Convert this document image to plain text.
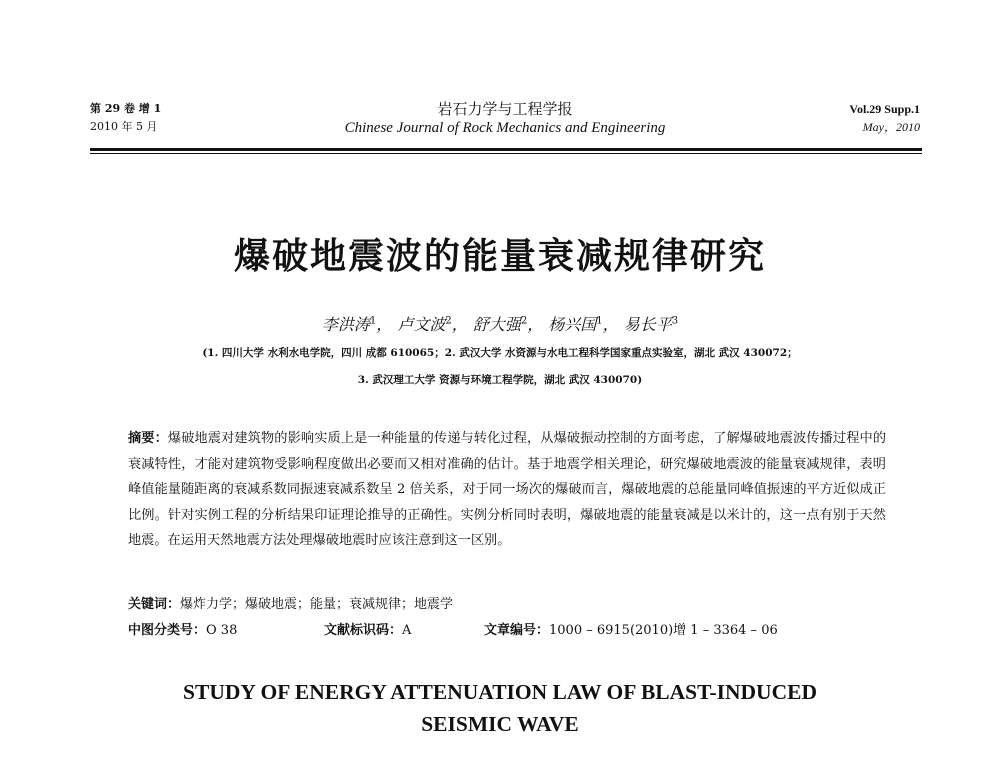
第 29 卷 增 1
2010 年 5 月
岩石力学与工程学报
Chinese Journal of Rock Mechanics and Engineering
Vol.29 Supp.1
May，2010
爆破地震波的能量衰减规律研究
李洪涛$^1$， 卢文波$^2$， 舒大强$^2$， 杨兴国$^1$， 易长平$^3$
(1. 四川大学 水利水电学院，四川 成都 610065；2. 武汉大学 水资源与水电工程科学国家重点实验室，湖北 武汉 430072；
3. 武汉理工大学 资源与环境工程学院，湖北 武汉 430070)
摘要：爆破地震对建筑物的影响实质上是一种能量的传递与转化过程，从爆破振动控制的方面考虑，了解爆破地震波传播过程中的衰减特性，才能对建筑物受影响程度做出必要而又相对准确的估计。基于地震学相关理论，研究爆破地震波的能量衰减规律，表明峰值能量随距离的衰减系数同振速衰减系数呈 2 倍关系，对于同一场次的爆破而言，爆破地震的总能量同峰值振速的平方近似成正比例。针对实例工程的分析结果印证理论推导的正确性。实例分析同时表明，爆破地震的能量衰减是以米计的，这一点有别于天然地震。在运用天然地震方法处理爆破地震时应该注意到这一区别。
关键词：爆炸力学；爆破地震；能量；衰减规律；地震学
中图分类号：O 38	文献标识码：A	文章编号：1000 – 6915(2010)增 1 – 3364 – 06
STUDY OF ENERGY ATTENUATION LAW OF BLAST-INDUCED
SEISMIC WAVE
